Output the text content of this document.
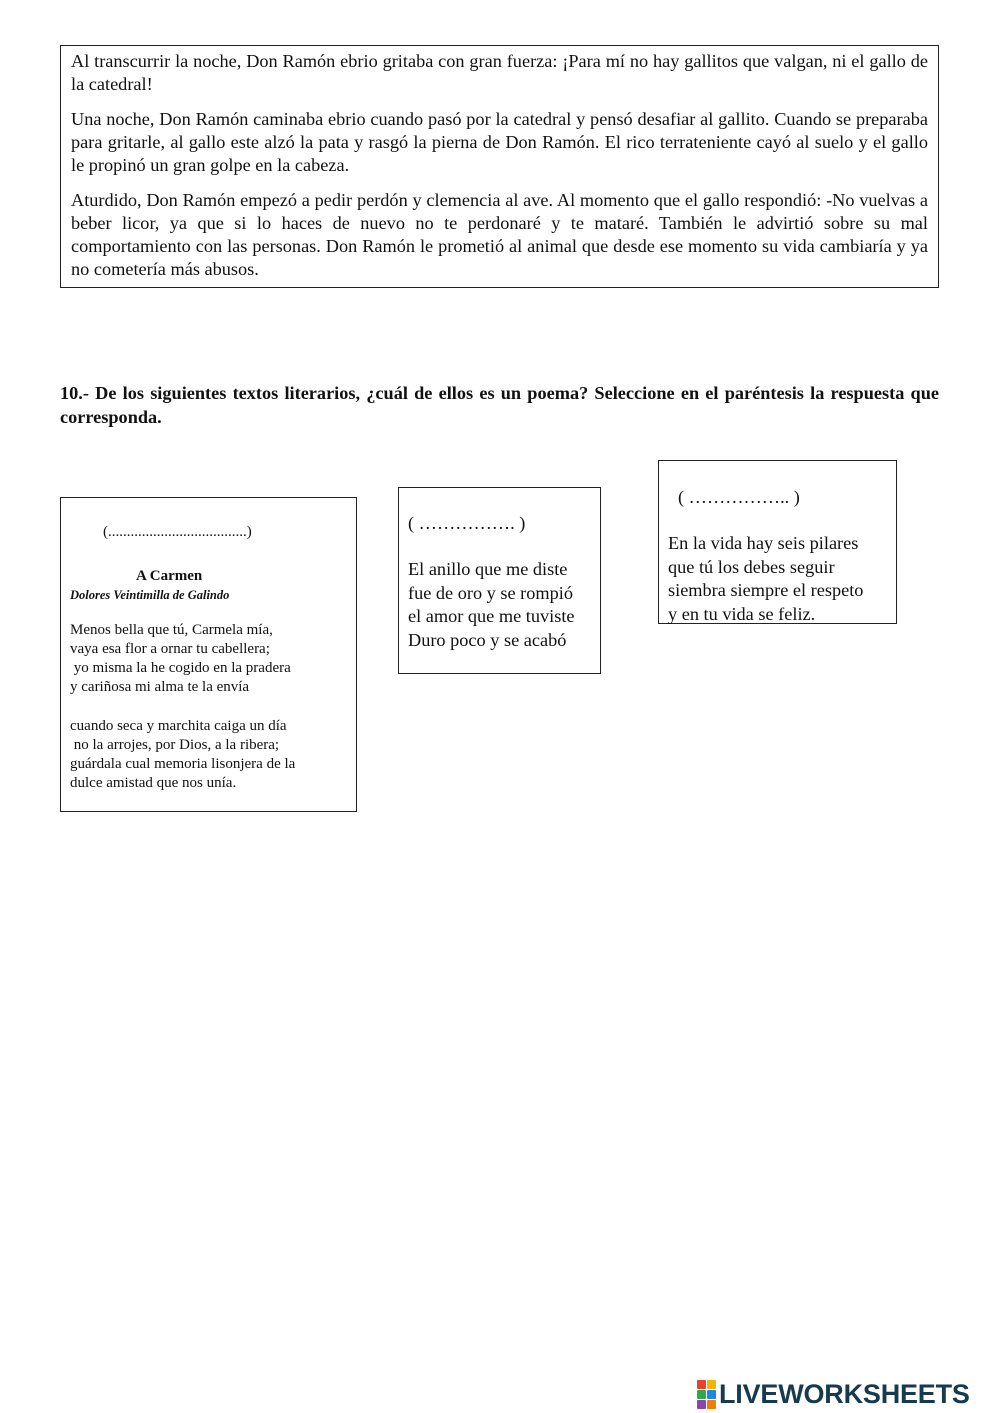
Al transcurrir la noche, Don Ramón ebrio gritaba con gran fuerza: ¡Para mí no hay gallitos que valgan, ni el gallo de la catedral!

Una noche, Don Ramón caminaba ebrio cuando pasó por la catedral y pensó desafiar al gallito. Cuando se preparaba para gritarle, al gallo este alzó la pata y rasgó la pierna de Don Ramón. El rico terrateniente cayó al suelo y el gallo le propinó un gran golpe en la cabeza.

Aturdido, Don Ramón empezó a pedir perdón y clemencia al ave. Al momento que el gallo respondió: -No vuelvas a beber licor, ya que si lo haces de nuevo no te perdonaré y te mataré. También le advirtió sobre su mal comportamiento con las personas. Don Ramón le prometió al animal que desde ese momento su vida cambiaría y ya no cometería más abusos.

10.- De los siguientes textos literarios, ¿cuál de ellos es un poema? Seleccione en el paréntesis la respuesta que corresponda.

(.....................................)
A Carmen
Dolores Veintimilla de Galindo
Menos bella que tú, Carmela mía,
vaya esa flor a ornar tu cabellera;
yo misma la he cogido en la pradera
y cariñosa mi alma te la envía
cuando seca y marchita caiga un día
no la arrojes, por Dios, a la ribera;
guárdala cual memoria lisonjera de la
dulce amistad que nos unía.
( ……………. )
El anillo que me diste
fue de oro y se rompió
el amor que me tuviste
Duro poco y se acabó
( …………….. )
En la vida hay seis pilares
que tú los debes seguir
siembra siempre el respeto
y en tu vida se feliz.
LIVEWORKSHEETS
